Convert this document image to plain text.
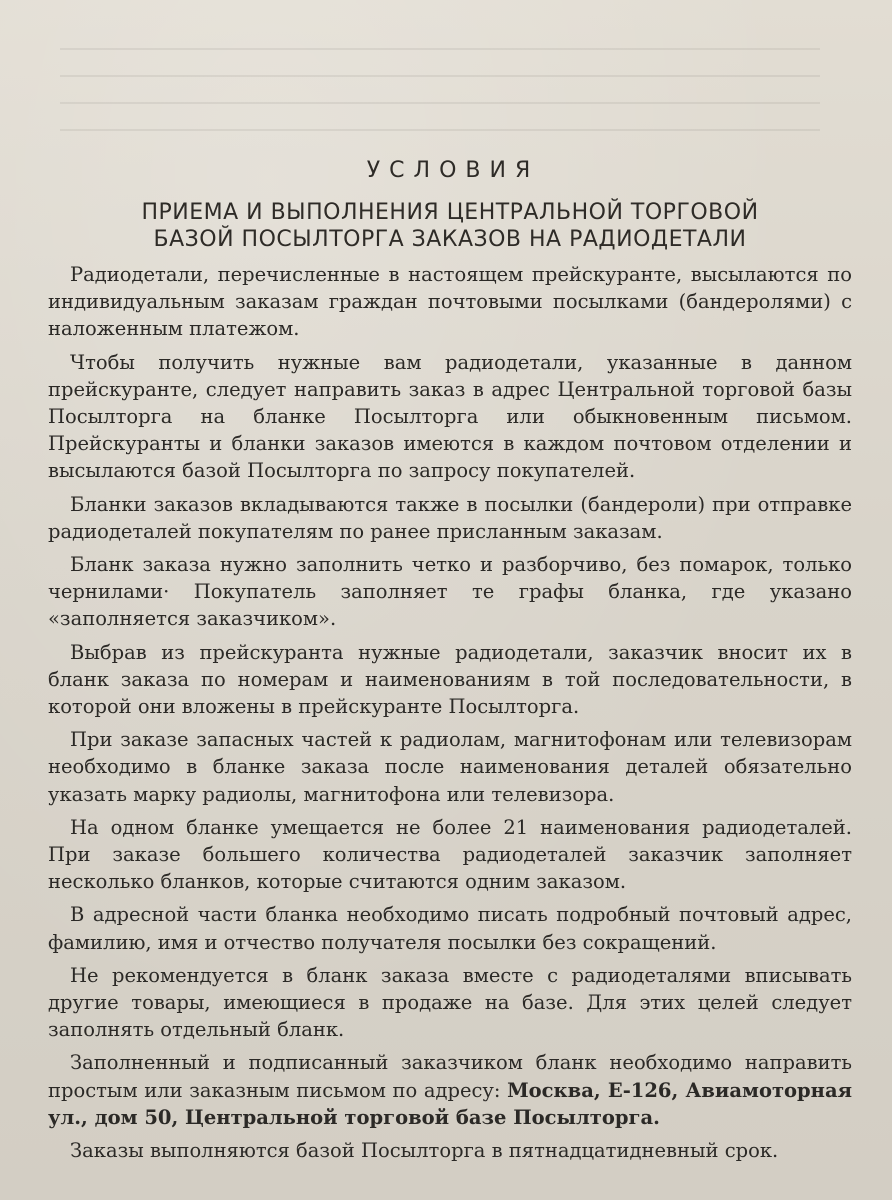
УСЛОВИЯ
ПРИЕМА И ВЫПОЛНЕНИЯ ЦЕНТРАЛЬНОЙ ТОРГОВОЙ
БАЗОЙ ПОСЫЛТОРГА ЗАКАЗОВ НА РАДИОДЕТАЛИ

Радиодетали, перечисленные в настоящем прейскуранте, высылаются по индивидуальным заказам граждан почтовыми посылками (бандеролями) с наложенным платежом.

Чтобы получить нужные вам радиодетали, указанные в данном прейскуранте, следует направить заказ в адрес Центральной торговой базы Посылторга на бланке Посылторга или обыкновенным письмом. Прейскуранты и бланки заказов имеются в каждом почтовом отделении и высылаются базой Посылторга по запросу покупателей.

Бланки заказов вкладываются также в посылки (бандероли) при отправке радиодеталей покупателям по ранее присланным заказам.

Бланк заказа нужно заполнить четко и разборчиво, без помарок, только чернилами· Покупатель заполняет те графы бланка, где указано «заполняется заказчиком».

Выбрав из прейскуранта нужные радиодетали, заказчик вносит их в бланк заказа по номерам и наименованиям в той последовательности, в которой они вложены в прейскуранте Посылторга.

При заказе запасных частей к радиолам, магнитофонам или телевизорам необходимо в бланке заказа после наименования деталей обязательно указать марку радиолы, магнитофона или телевизора.

На одном бланке умещается не более 21 наименования радиодеталей. При заказе большего количества радиодеталей заказчик заполняет несколько бланков, которые считаются одним заказом.

В адресной части бланка необходимо писать подробный почтовый адрес, фамилию, имя и отчество получателя посылки без сокращений.

Не рекомендуется в бланк заказа вместе с радиодеталями вписывать другие товары, имеющиеся в продаже на базе. Для этих целей следует заполнять отдельный бланк.

Заполненный и подписанный заказчиком бланк необходимо направить простым или заказным письмом по адресу: Москва, Е-126, Авиамоторная ул., дом 50, Центральной торговой базе Посылторга.

Заказы выполняются базой Посылторга в пятнадцатидневный срок.
